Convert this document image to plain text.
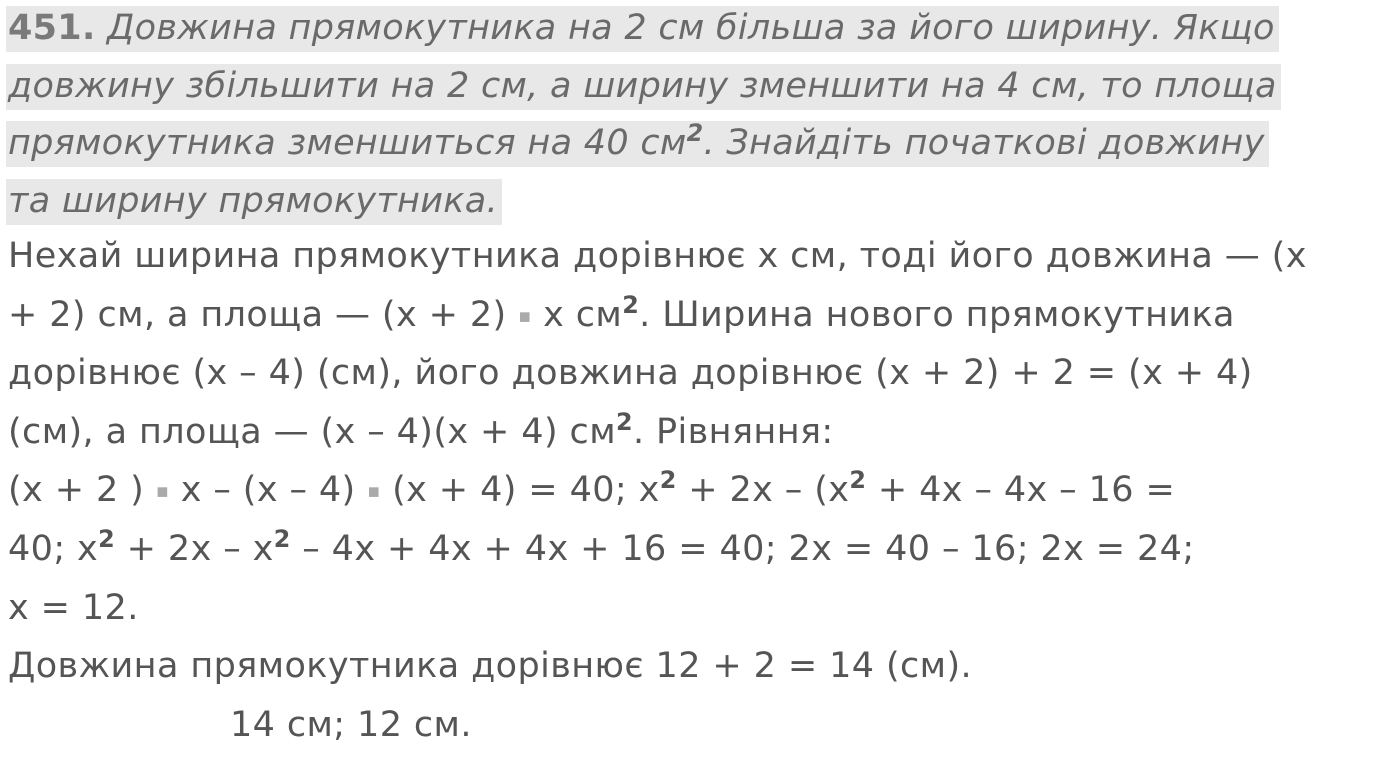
451. Довжина прямокутника на 2 см більша за його ширину. Якщо
довжину збільшити на 2 см, а ширину зменшити на 4 см, то площа
прямокутника зменшиться на 40 $см^2$. Знайдіть початкові довжину
та ширину прямокутника.
Нехай ширина прямокутника дорівнює x см, тоді його довжина — (x
+ 2) см, а площа — (x + 2) ▪ x $см^2$. Ширина нового прямокутника
дорівнює (x – 4) (см), його довжина дорівнює (x + 2) + 2 = (x + 4)
(см), а площа — (x – 4)(x + 4) $см^2$. Рівняння:
(x + 2 ) ▪ x – (x – 4) ▪ (x + 4) = 40; $x^2 + 2x - (x^2 + 4x - 4x - 16$ =
40; $x^2 + 2x - x^2 - 4x + 4x + 4x + 16 = 40$; 2x = 40 – 16; 2x = 24;
x = 12.
Довжина прямокутника дорівнює 12 + 2 = 14 (см).
14 см; 12 см.
